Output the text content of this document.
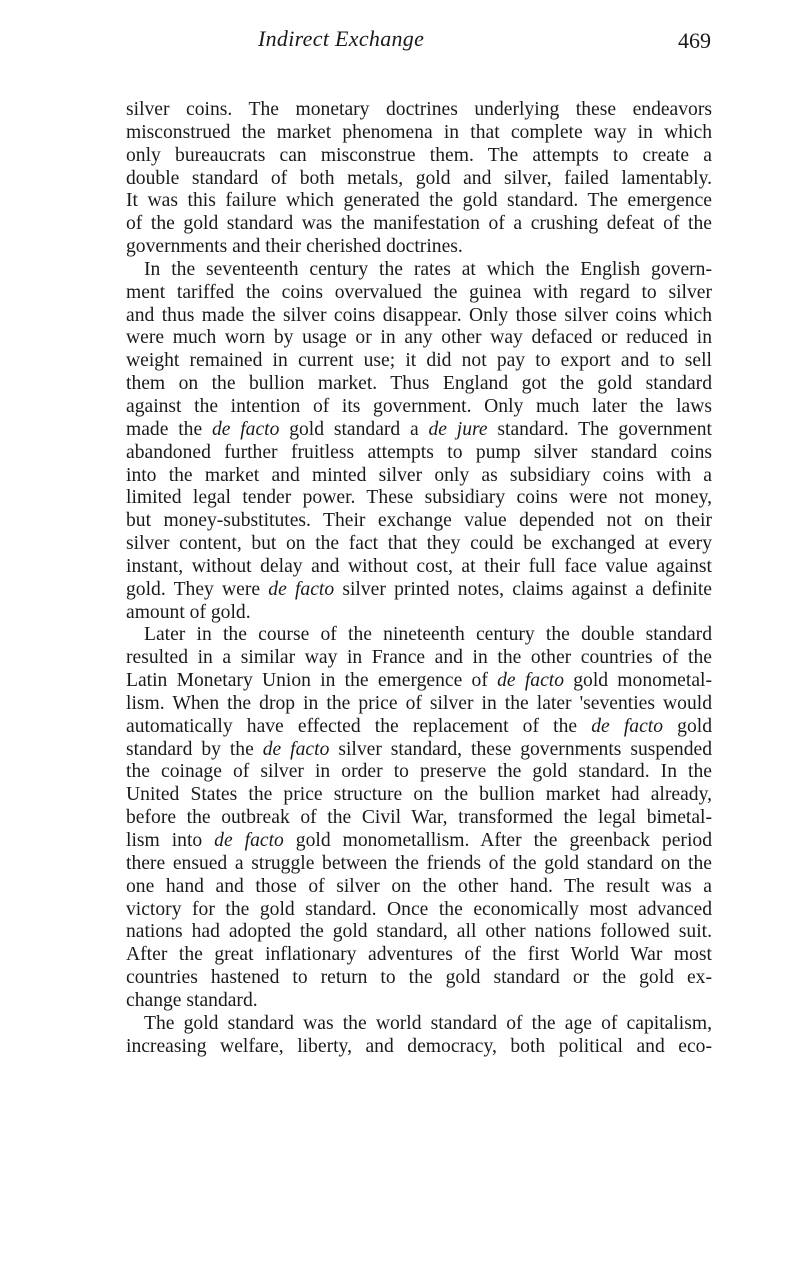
Indirect Exchange	469
silver coins. The monetary doctrines underlying these endeavors
misconstrued the market phenomena in that complete way in which
only bureaucrats can misconstrue them. The attempts to create a
double standard of both metals, gold and silver, failed lamentably.
It was this failure which generated the gold standard. The emergence
of the gold standard was the manifestation of a crushing defeat of the
governments and their cherished doctrines.
In the seventeenth century the rates at which the English govern-
ment tariffed the coins overvalued the guinea with regard to silver
and thus made the silver coins disappear. Only those silver coins which
were much worn by usage or in any other way defaced or reduced in
weight remained in current use; it did not pay to export and to sell
them on the bullion market. Thus England got the gold standard
against the intention of its government. Only much later the laws
made the de facto gold standard a de jure standard. The government
abandoned further fruitless attempts to pump silver standard coins
into the market and minted silver only as subsidiary coins with a
limited legal tender power. These subsidiary coins were not money,
but money-substitutes. Their exchange value depended not on their
silver content, but on the fact that they could be exchanged at every
instant, without delay and without cost, at their full face value against
gold. They were de facto silver printed notes, claims against a definite
amount of gold.
Later in the course of the nineteenth century the double standard
resulted in a similar way in France and in the other countries of the
Latin Monetary Union in the emergence of de facto gold monometal-
lism. When the drop in the price of silver in the later 'seventies would
automatically have effected the replacement of the de facto gold
standard by the de facto silver standard, these governments suspended
the coinage of silver in order to preserve the gold standard. In the
United States the price structure on the bullion market had already,
before the outbreak of the Civil War, transformed the legal bimetal-
lism into de facto gold monometallism. After the greenback period
there ensued a struggle between the friends of the gold standard on the
one hand and those of silver on the other hand. The result was a
victory for the gold standard. Once the economically most advanced
nations had adopted the gold standard, all other nations followed suit.
After the great inflationary adventures of the first World War most
countries hastened to return to the gold standard or the gold ex-
change standard.
The gold standard was the world standard of the age of capitalism,
increasing welfare, liberty, and democracy, both political and eco-
